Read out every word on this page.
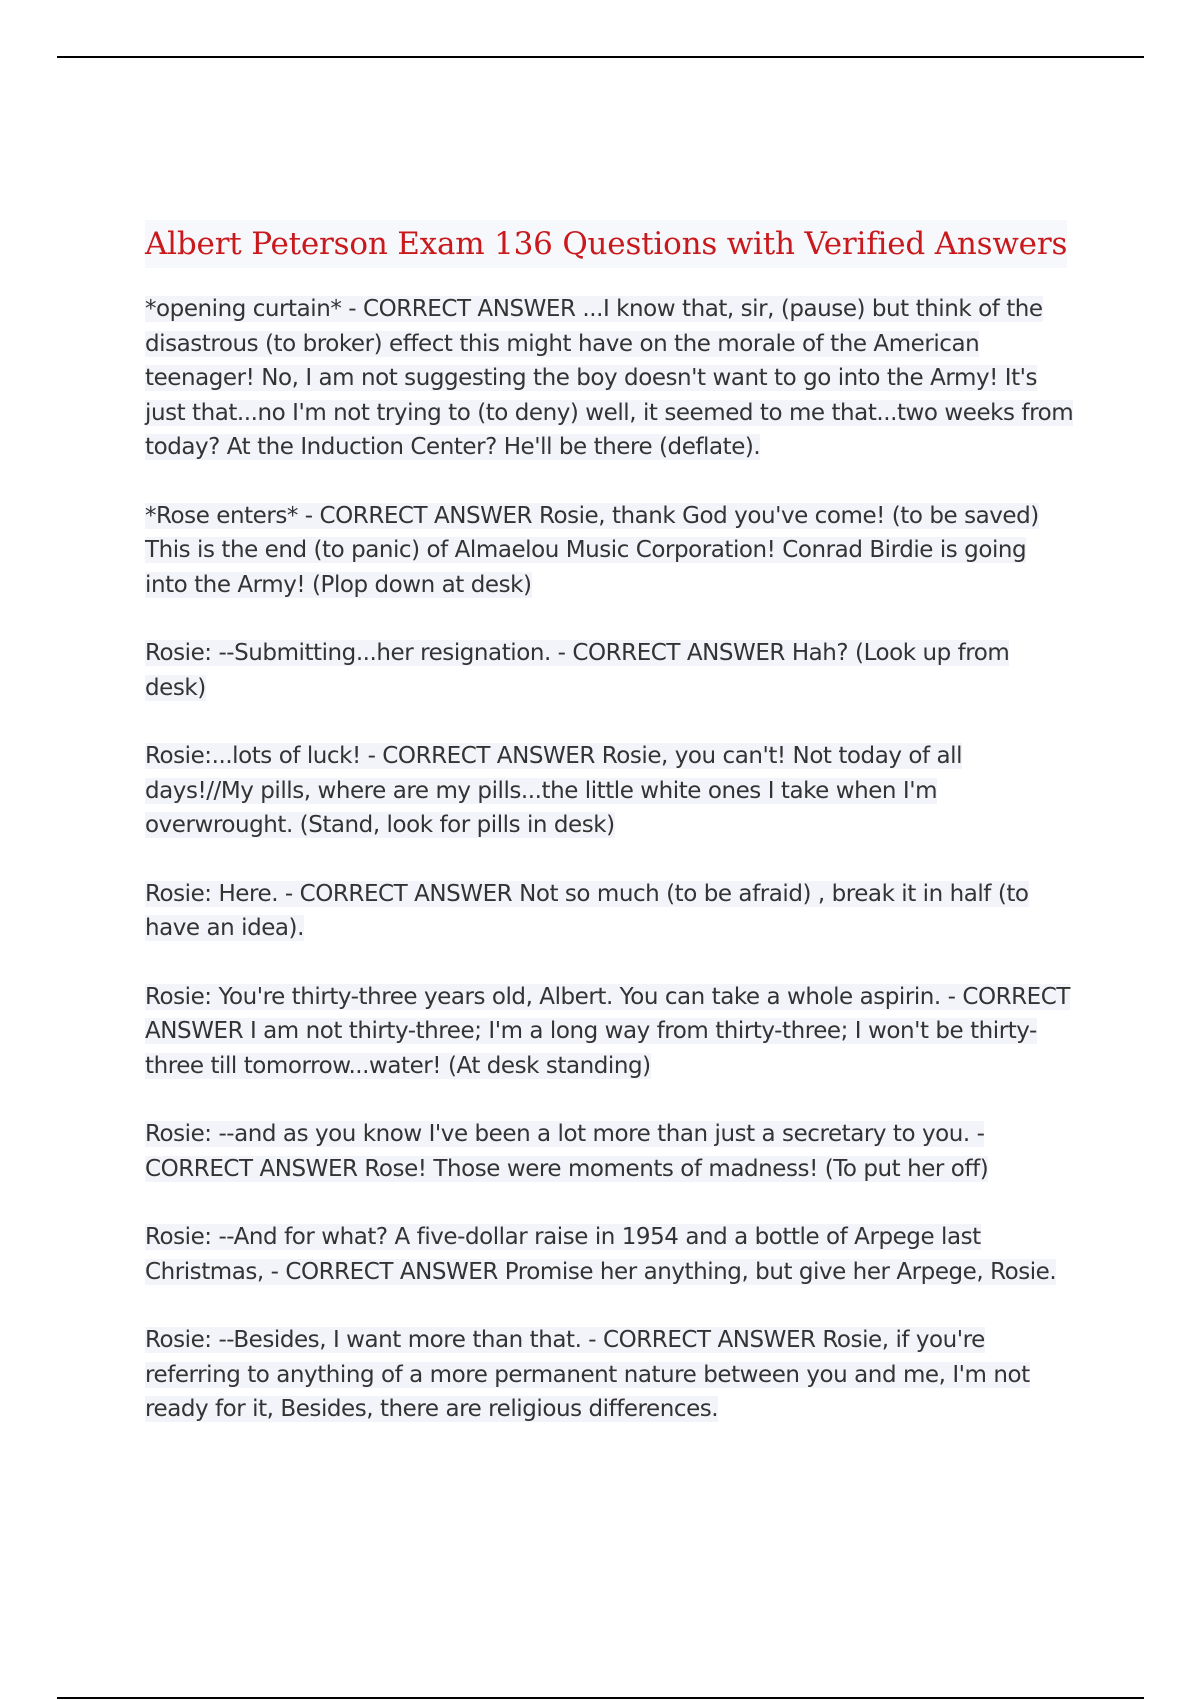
Albert Peterson Exam 136 Questions with Verified Answers

*opening curtain* - CORRECT ANSWER ...I know that, sir, (pause) but think of the disastrous (to broker) effect this might have on the morale of the American teenager! No, I am not suggesting the boy doesn't want to go into the Army! It's just that...no I'm not trying to (to deny) well, it seemed to me that...two weeks from today? At the Induction Center? He'll be there (deflate).

*Rose enters* - CORRECT ANSWER Rosie, thank God you've come! (to be saved) This is the end (to panic) of Almaelou Music Corporation! Conrad Birdie is going into the Army! (Plop down at desk)

Rosie: --Submitting...her resignation. - CORRECT ANSWER Hah? (Look up from desk)

Rosie:...lots of luck! - CORRECT ANSWER Rosie, you can't! Not today of all days!//My pills, where are my pills...the little white ones I take when I'm overwrought. (Stand, look for pills in desk)

Rosie: Here. - CORRECT ANSWER Not so much (to be afraid) , break it in half (to have an idea).

Rosie: You're thirty-three years old, Albert. You can take a whole aspirin. - CORRECT ANSWER I am not thirty-three; I'm a long way from thirty-three; I won't be thirty-three till tomorrow...water! (At desk standing)

Rosie: --and as you know I've been a lot more than just a secretary to you. - CORRECT ANSWER Rose! Those were moments of madness! (To put her off)

Rosie: --And for what? A five-dollar raise in 1954 and a bottle of Arpege last Christmas, - CORRECT ANSWER Promise her anything, but give her Arpege, Rosie.

Rosie: --Besides, I want more than that. - CORRECT ANSWER Rosie, if you're referring to anything of a more permanent nature between you and me, I'm not ready for it, Besides, there are religious differences.
